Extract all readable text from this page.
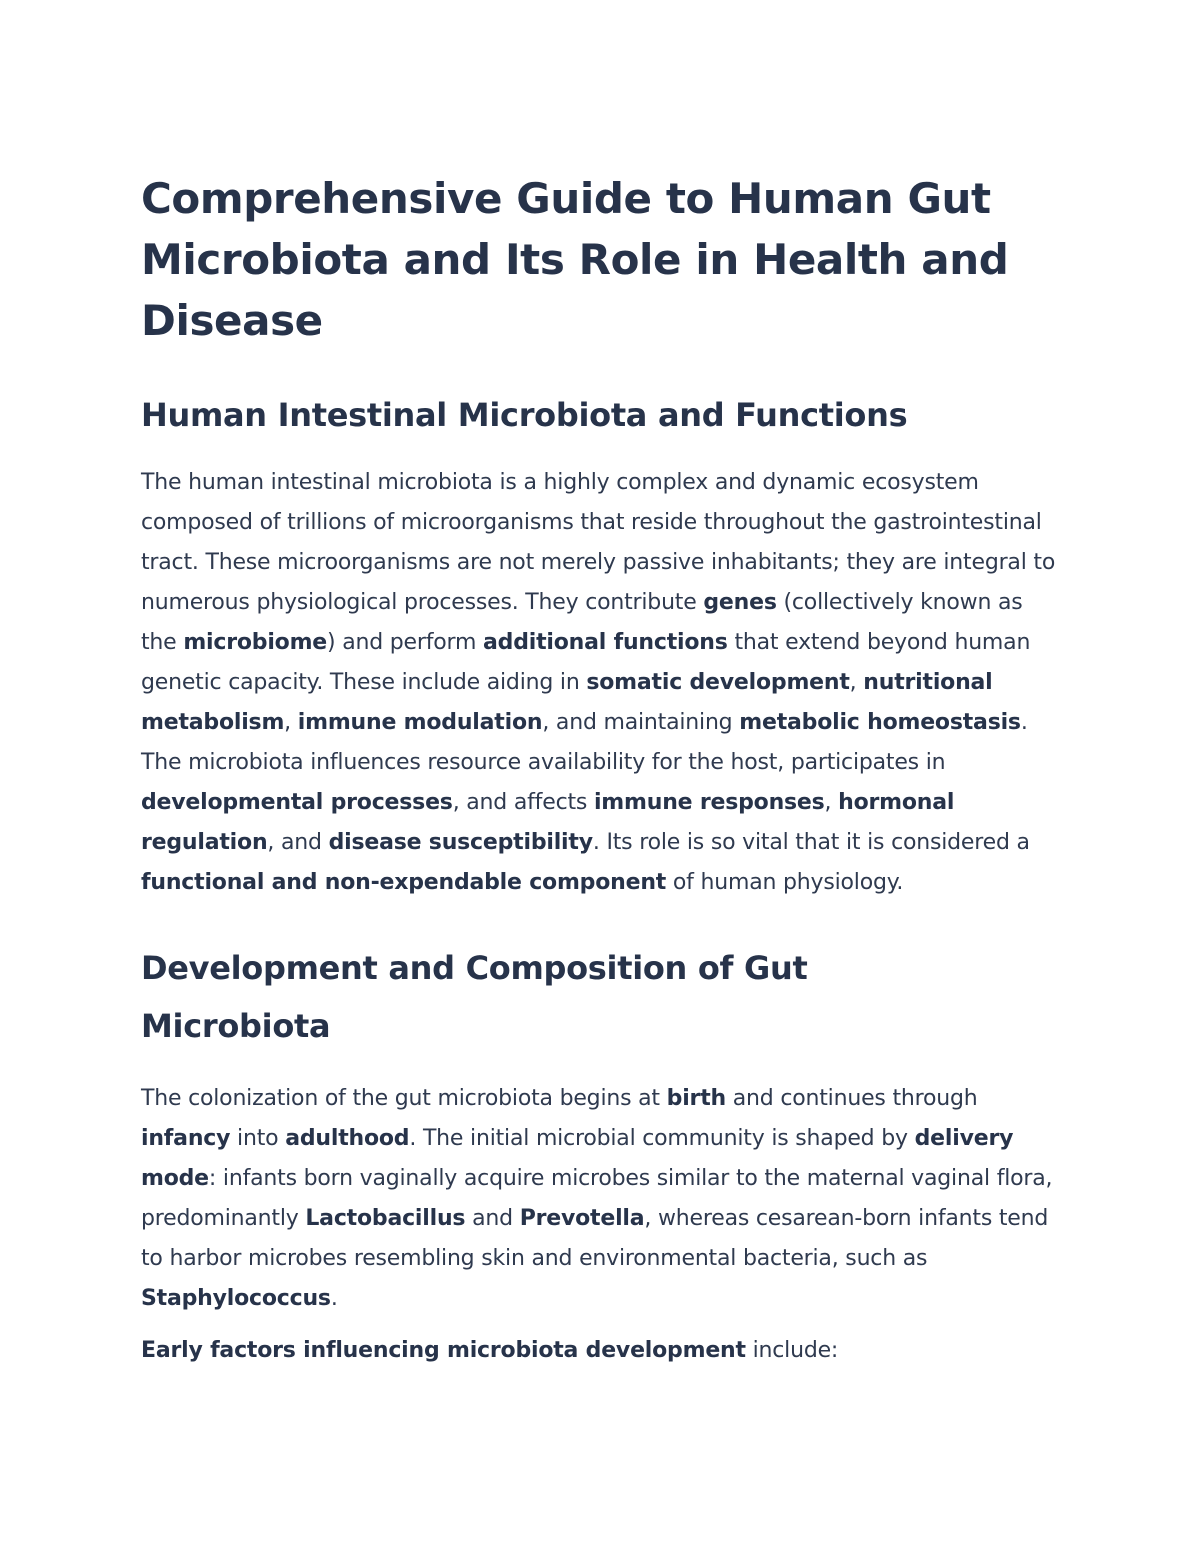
Comprehensive Guide to Human Gut Microbiota and Its Role in Health and Disease
Human Intestinal Microbiota and Functions

The human intestinal microbiota is a highly complex and dynamic ecosystem composed of trillions of microorganisms that reside throughout the gastrointestinal tract. These microorganisms are not merely passive inhabitants; they are integral to numerous physiological processes. They contribute genes (collectively known as the microbiome) and perform additional functions that extend beyond human genetic capacity. These include aiding in somatic development, nutritional metabolism, immune modulation, and maintaining metabolic homeostasis. The microbiota influences resource availability for the host, participates in developmental processes, and affects immune responses, hormonal regulation, and disease susceptibility. Its role is so vital that it is considered a functional and non-expendable component of human physiology.

Development and Composition of Gut Microbiota

The colonization of the gut microbiota begins at birth and continues through infancy into adulthood. The initial microbial community is shaped by delivery mode: infants born vaginally acquire microbes similar to the maternal vaginal flora, predominantly Lactobacillus and Prevotella, whereas cesarean-born infants tend to harbor microbes resembling skin and environmental bacteria, such as Staphylococcus.

Early factors influencing microbiota development include:
